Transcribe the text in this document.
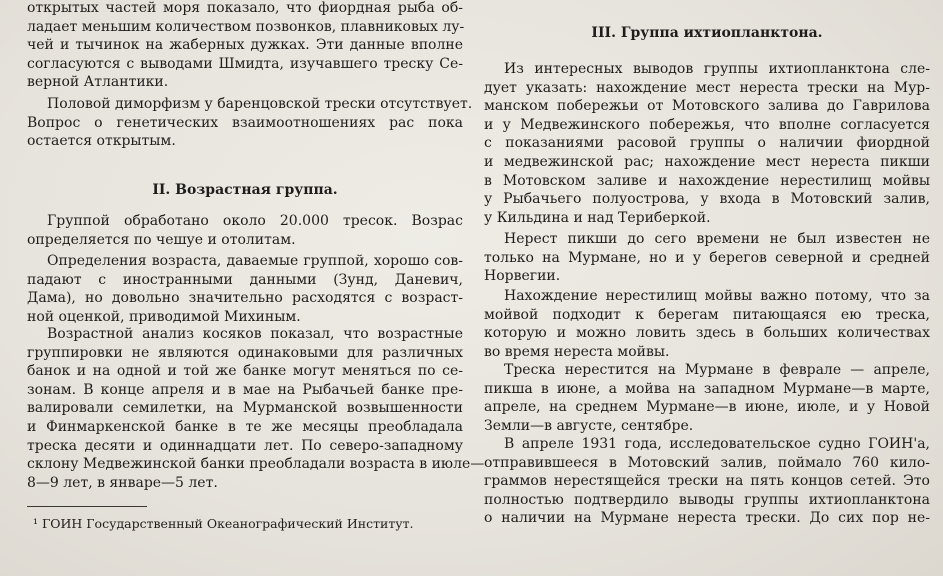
открытых частей моря показало, что фиордная рыба об-
ладает меньшим количеством позвонков, плавниковых лу-
чей и тычинок на жаберных дужках. Эти данные вполне
согласуются с выводами Шмидта, изучавшего треску Се-
верной Атлантики.
Половой диморфизм у баренцовской трески отсутствует.
Вопрос о генетических взаимоотношениях рас пока
остается открытым.
II. Возрастная группа.
Группой обработано около 20.000 тресок. Возрас
определяется по чешуе и отолитам.
Определения возраста, даваемые группой, хорошо сов-
падают с иностранными данными (Зунд, Даневич,
Дама), но довольно значительно расходятся с возраст-
ной оценкой, приводимой Михиным.
Возрастной анализ косяков показал, что возрастные
группировки не являются одинаковыми для различных
банок и на одной и той же банке могут меняться по се-
зонам. В конце апреля и в мае на Рыбачьей банке пре-
валировали семилетки, на Мурманской возвышенности
и Финмаркенской банке в те же месяцы преобладала
треска десяти и одиннадцати лет. По северо-западному
склону Медвежинской банки преобладали возраста в июле—
8—9 лет, в январе—5 лет.
¹ ГОИН Государственный Океанографический Институт.
III. Группа ихтиопланктона.
Из интересных выводов группы ихтиопланктона сле-
дует указать: нахождение мест нереста трески на Мур-
манском побережьи от Мотовского залива до Гаврилова
и у Медвежинского побережья, что вполне согласуется
с показаниями расовой группы о наличии фиордной
и медвежинской рас; нахождение мест нереста пикши
в Мотовском заливе и нахождение нерестилищ мойвы
у Рыбачьего полуострова, у входа в Мотовский залив,
у Кильдина и над Териберкой.
Нерест пикши до сего времени не был известен не
только на Мурмане, но и у берегов северной и средней
Норвегии.
Нахождение нерестилищ мойвы важно потому, что за
мойвой подходит к берегам питающаяся ею треска,
которую и можно ловить здесь в больших количествах
во время нереста мойвы.
Треска нерестится на Мурмане в феврале — апреле,
пикша в июне, а мойва на западном Мурмане—в марте,
апреле, на среднем Мурмане—в июне, июле, и у Новой
Земли—в августе, сентябре.
В апреле 1931 года, исследовательское судно ГОИН'а,
отправившееся в Мотовский залив, поймало 760 кило-
граммов нерестящейся трески на пять концов сетей. Это
полностью подтвердило выводы группы ихтиопланктона
о наличии на Мурмане нереста трески. До сих пор не-
